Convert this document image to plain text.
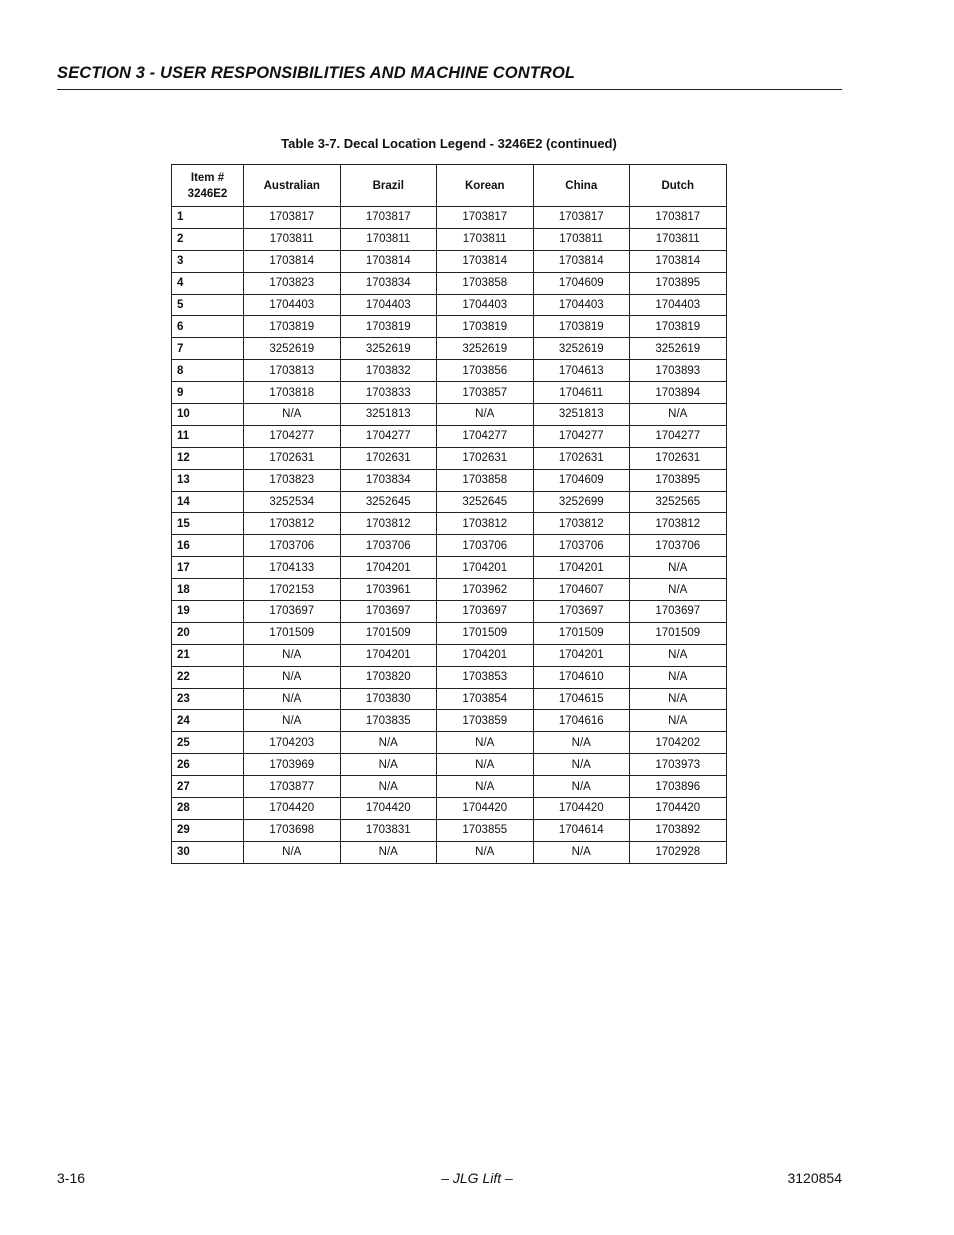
SECTION 3 - USER RESPONSIBILITIES AND MACHINE CONTROL
Table 3-7. Decal Location Legend - 3246E2 (continued)
Item #
3246E2	Australian	Brazil	Korean	China	Dutch
1	1703817	1703817	1703817	1703817	1703817
2	1703811	1703811	1703811	1703811	1703811
3	1703814	1703814	1703814	1703814	1703814
4	1703823	1703834	1703858	1704609	1703895
5	1704403	1704403	1704403	1704403	1704403
6	1703819	1703819	1703819	1703819	1703819
7	3252619	3252619	3252619	3252619	3252619
8	1703813	1703832	1703856	1704613	1703893
9	1703818	1703833	1703857	1704611	1703894
10	N/A	3251813	N/A	3251813	N/A
11	1704277	1704277	1704277	1704277	1704277
12	1702631	1702631	1702631	1702631	1702631
13	1703823	1703834	1703858	1704609	1703895
14	3252534	3252645	3252645	3252699	3252565
15	1703812	1703812	1703812	1703812	1703812
16	1703706	1703706	1703706	1703706	1703706
17	1704133	1704201	1704201	1704201	N/A
18	1702153	1703961	1703962	1704607	N/A
19	1703697	1703697	1703697	1703697	1703697
20	1701509	1701509	1701509	1701509	1701509
21	N/A	1704201	1704201	1704201	N/A
22	N/A	1703820	1703853	1704610	N/A
23	N/A	1703830	1703854	1704615	N/A
24	N/A	1703835	1703859	1704616	N/A
25	1704203	N/A	N/A	N/A	1704202
26	1703969	N/A	N/A	N/A	1703973
27	1703877	N/A	N/A	N/A	1703896
28	1704420	1704420	1704420	1704420	1704420
29	1703698	1703831	1703855	1704614	1703892
30	N/A	N/A	N/A	N/A	1702928
3-16	– JLG Lift –	3120854
